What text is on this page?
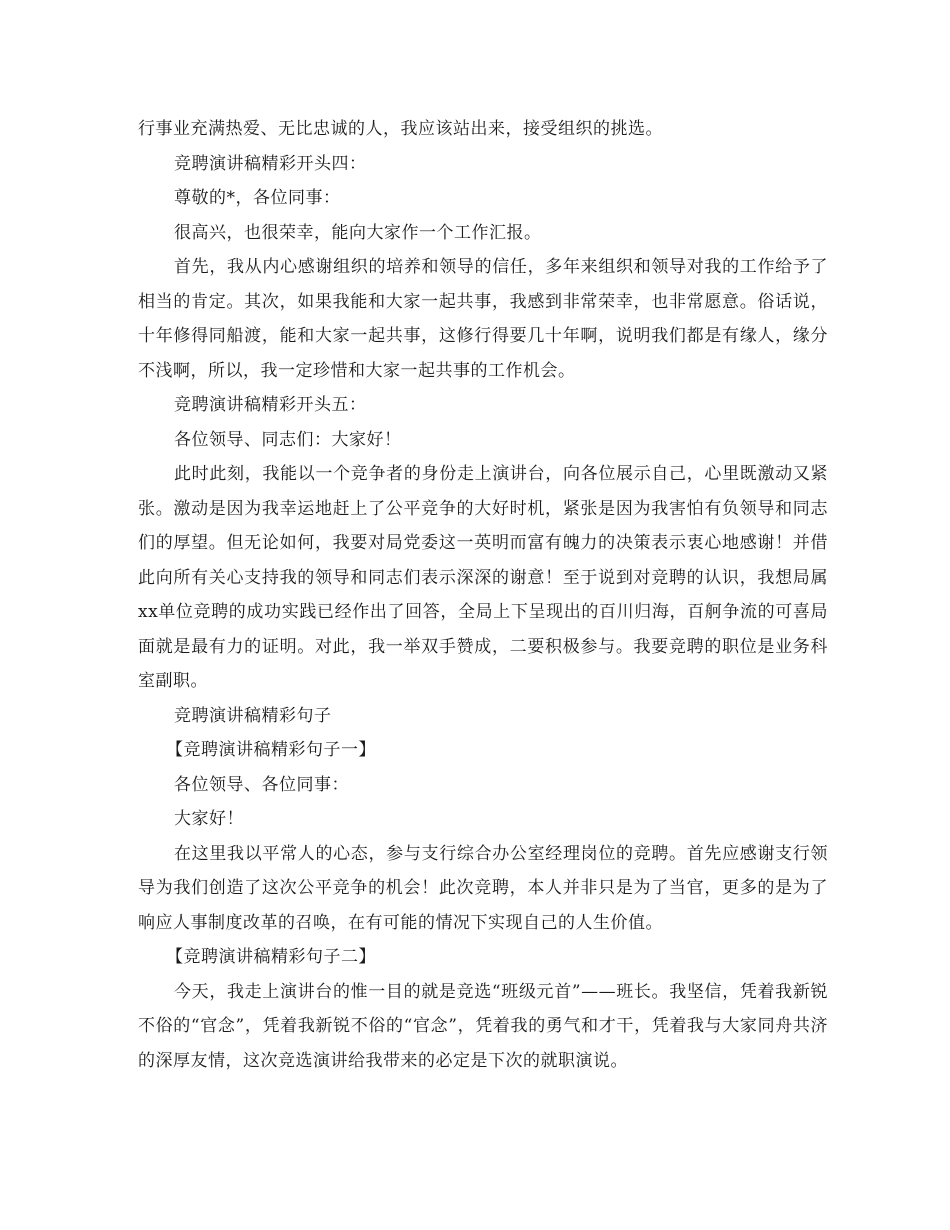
行事业充满热爱、无比忠诚的人，我应该站出来，接受组织的挑选。

竞聘演讲稿精彩开头四：

尊敬的*，各位同事：

很高兴，也很荣幸，能向大家作一个工作汇报。

首先，我从内心感谢组织的培养和领导的信任，多年来组织和领导对我的工作给予了相当的肯定。其次，如果我能和大家一起共事，我感到非常荣幸，也非常愿意。俗话说，十年修得同船渡，能和大家一起共事，这修行得要几十年啊，说明我们都是有缘人，缘分不浅啊，所以，我一定珍惜和大家一起共事的工作机会。

竞聘演讲稿精彩开头五：

各位领导、同志们：大家好！

此时此刻，我能以一个竞争者的身份走上演讲台，向各位展示自己，心里既激动又紧张。激动是因为我幸运地赶上了公平竞争的大好时机，紧张是因为我害怕有负领导和同志们的厚望。但无论如何，我要对局党委这一英明而富有魄力的决策表示衷心地感谢！并借此向所有关心支持我的领导和同志们表示深深的谢意！至于说到对竞聘的认识，我想局属xx单位竞聘的成功实践已经作出了回答，全局上下呈现出的百川归海，百舸争流的可喜局面就是最有力的证明。对此，我一举双手赞成，二要积极参与。我要竞聘的职位是业务科室副职。

竞聘演讲稿精彩句子

【竞聘演讲稿精彩句子一】

各位领导、各位同事：

大家好！

在这里我以平常人的心态，参与支行综合办公室经理岗位的竞聘。首先应感谢支行领导为我们创造了这次公平竞争的机会！此次竞聘，本人并非只是为了当官，更多的是为了响应人事制度改革的召唤，在有可能的情况下实现自己的人生价值。

【竞聘演讲稿精彩句子二】

今天，我走上演讲台的惟一目的就是竞选“班级元首”——班长。我坚信，凭着我新锐不俗的“官念”，凭着我新锐不俗的“官念”，凭着我的勇气和才干，凭着我与大家同舟共济的深厚友情，这次竞选演讲给我带来的必定是下次的就职演说。
